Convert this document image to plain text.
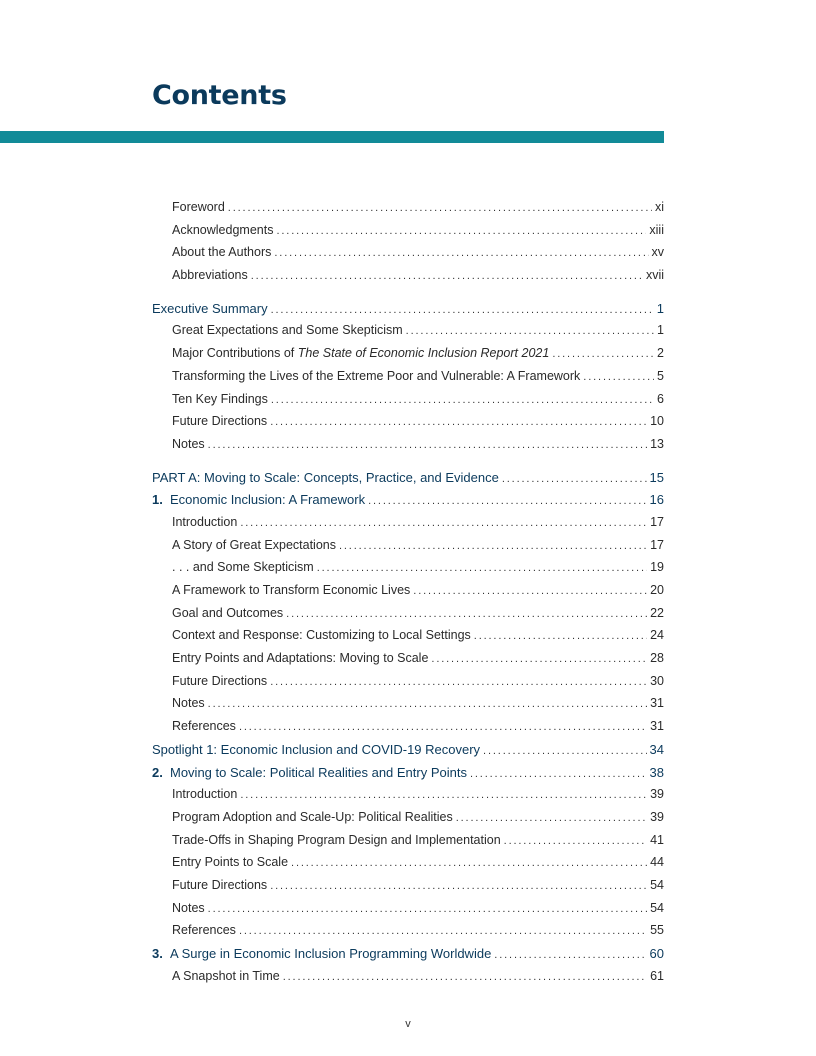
Contents
Foreword . . .	xi
Acknowledgments . . .	xiii
About the Authors . . .	xv
Abbreviations . . .	xvii
Executive Summary . . .	1
Great Expectations and Some Skepticism . . .	1
Major Contributions of The State of Economic Inclusion Report 2021 . . .	2
Transforming the Lives of the Extreme Poor and Vulnerable: A Framework . . .	5
Ten Key Findings . . .	6
Future Directions . . .	10
Notes . . .	13
PART A: Moving to Scale: Concepts, Practice, and Evidence . . .	15
1. Economic Inclusion: A Framework . . .	16
Introduction . . .	17
A Story of Great Expectations . . .	17
. . . and Some Skepticism . . .	19
A Framework to Transform Economic Lives . . .	20
Goal and Outcomes . . .	22
Context and Response: Customizing to Local Settings . . .	24
Entry Points and Adaptations: Moving to Scale . . .	28
Future Directions . . .	30
Notes . . .	31
References . . .	31
Spotlight 1: Economic Inclusion and COVID-19 Recovery . . .	34
2. Moving to Scale: Political Realities and Entry Points . . .	38
Introduction . . .	39
Program Adoption and Scale-Up: Political Realities . . .	39
Trade-Offs in Shaping Program Design and Implementation . . .	41
Entry Points to Scale . . .	44
Future Directions . . .	54
Notes . . .	54
References . . .	55
3. A Surge in Economic Inclusion Programming Worldwide . . .	60
A Snapshot in Time . . .	61
v
